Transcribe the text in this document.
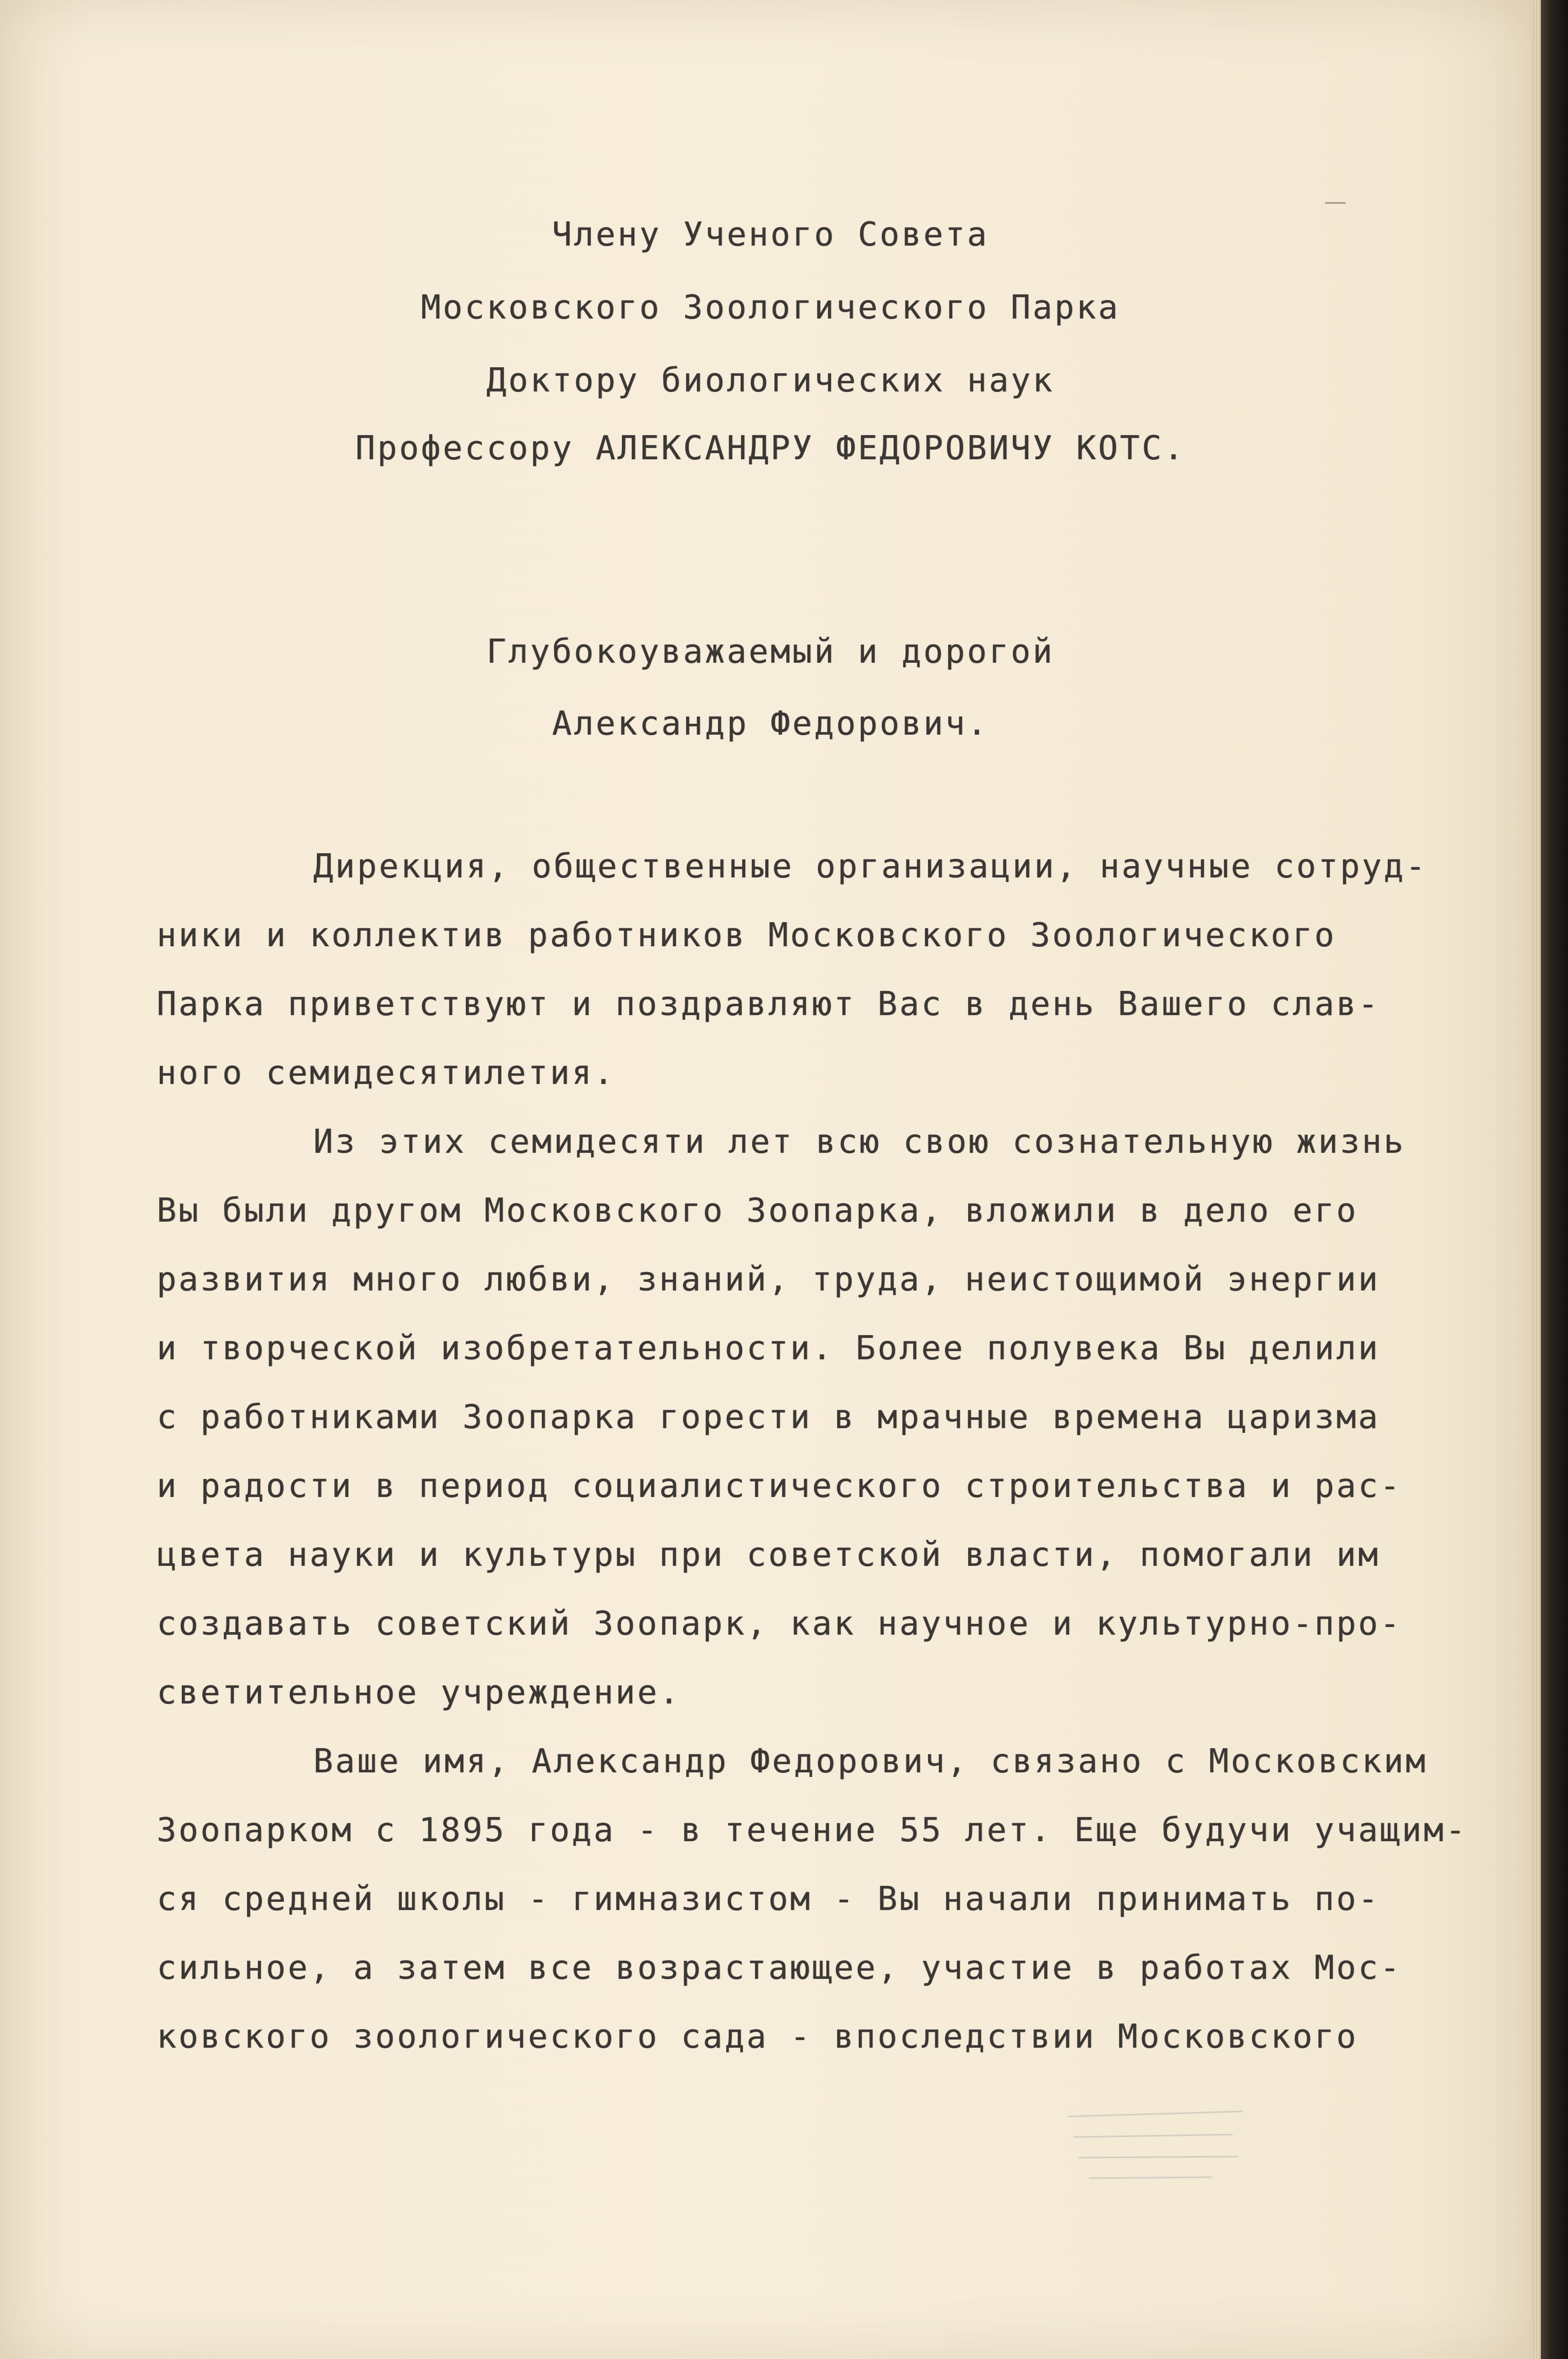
Члену Ученого Совета
Московского Зоологического Парка
Доктору биологических наук
Профессору АЛЕКСАНДРУ ФЕДОРОВИЧУ КОТС.
Глубокоуважаемый и дорогой
Александр Федорович.
Дирекция, общественные организации, научные сотруд-
ники и коллектив работников Московского Зоологического
Парка приветствуют и поздравляют Вас в день Вашего слав-
ного семидесятилетия.
Из этих семидесяти лет всю свою сознательную жизнь
Вы были другом Московского Зоопарка, вложили в дело его
развития много любви, знаний, труда, неистощимой энергии
и творческой изобретательности. Более полувека Вы делили
с работниками Зоопарка горести в мрачные времена царизма
и радости в период социалистического строительства и рас-
цвета науки и культуры при советской власти, помогали им
создавать советский Зоопарк, как научное и культурно-про-
светительное учреждение.
Ваше имя, Александр Федорович, связано с Московским
Зоопарком с 1895 года - в течение 55 лет. Еще будучи учащим-
ся средней школы - гимназистом - Вы начали принимать по-
сильное, а затем все возрастающее, участие в работах Мос-
ковского зоологического сада - впоследствии Московского
―
